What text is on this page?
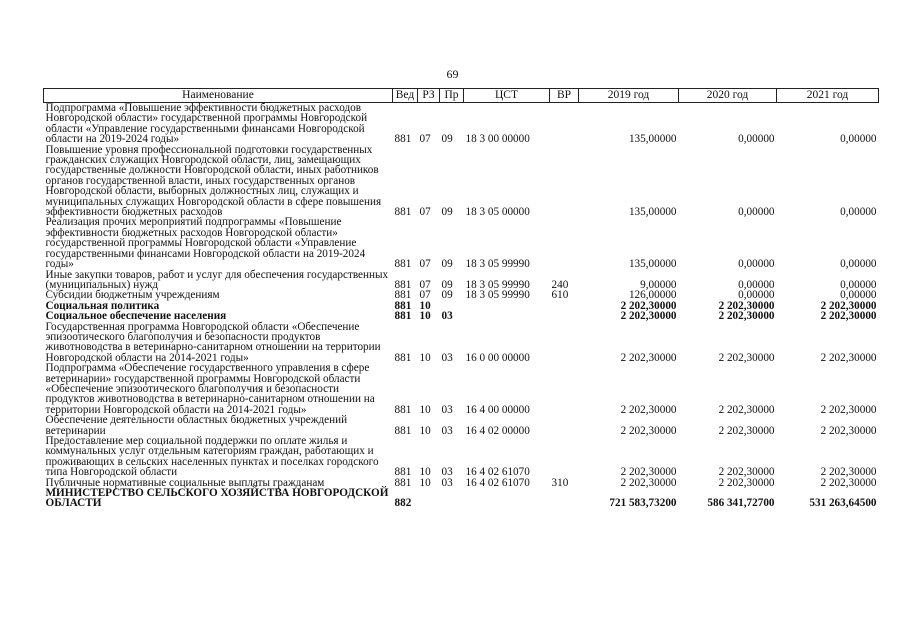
69
Наименование	Вед	РЗ	Пр	ЦСТ	ВР	2019 год	2020 год	2021 год
Подпрограмма «Повышение эффективности бюджетных расходов Новгородской области» государственной программы Новгородской области «Управление государственными финансами Новгородской области на 2019-2024 годы»	881	07	09	18 3 00 00000		135,00000	0,00000	0,00000
Повышение уровня профессиональной подготовки государственных гражданских служащих Новгородской области, лиц, замещающих государственные должности Новгородской области, иных работников органов государственной власти, иных государственных органов Новгородской области, выборных должностных лиц, служащих и муниципальных служащих Новгородской области в сфере повышения эффективности бюджетных расходов	881	07	09	18 3 05 00000		135,00000	0,00000	0,00000
Реализация прочих мероприятий подпрограммы «Повышение эффективности бюджетных расходов Новгородской области» государственной программы Новгородской области «Управление государственными финансами Новгородской области на 2019-2024 годы»	881	07	09	18 3 05 99990		135,00000	0,00000	0,00000
Иные закупки товаров, работ и услуг для обеспечения государственных (муниципальных) нужд	881	07	09	18 3 05 99990	240	9,00000	0,00000	0,00000
Субсидии бюджетным учреждениям	881	07	09	18 3 05 99990	610	126,00000	0,00000	0,00000
Социальная политика	881	10				2 202,30000	2 202,30000	2 202,30000
Социальное обеспечение населения	881	10	03			2 202,30000	2 202,30000	2 202,30000
Государственная программа Новгородской области «Обеспечение эпизоотического благополучия и безопасности продуктов животноводства в ветеринарно-санитарном отношении на территории Новгородской области на 2014-2021 годы»	881	10	03	16 0 00 00000		2 202,30000	2 202,30000	2 202,30000
Подпрограмма «Обеспечение государственного управления в сфере ветеринарии» государственной программы Новгородской области «Обеспечение эпизоотического благополучия и безопасности продуктов животноводства в ветеринарно-санитарном отношении на территории Новгородской области на 2014-2021 годы»	881	10	03	16 4 00 00000		2 202,30000	2 202,30000	2 202,30000
Обеспечение деятельности областных бюджетных учреждений ветеринарии	881	10	03	16 4 02 00000		2 202,30000	2 202,30000	2 202,30000
Предоставление мер социальной поддержки по оплате жилья и коммунальных услуг отдельным категориям граждан, работающих и проживающих в сельских населенных пунктах и поселках городского типа Новгородской области	881	10	03	16 4 02 61070		2 202,30000	2 202,30000	2 202,30000
Публичные нормативные социальные выплаты гражданам	881	10	03	16 4 02 61070	310	2 202,30000	2 202,30000	2 202,30000
МИНИСТЕРСТВО СЕЛЬСКОГО ХОЗЯЙСТВА НОВГОРОДСКОЙ ОБЛАСТИ	882					721 583,73200	586 341,72700	531 263,64500
